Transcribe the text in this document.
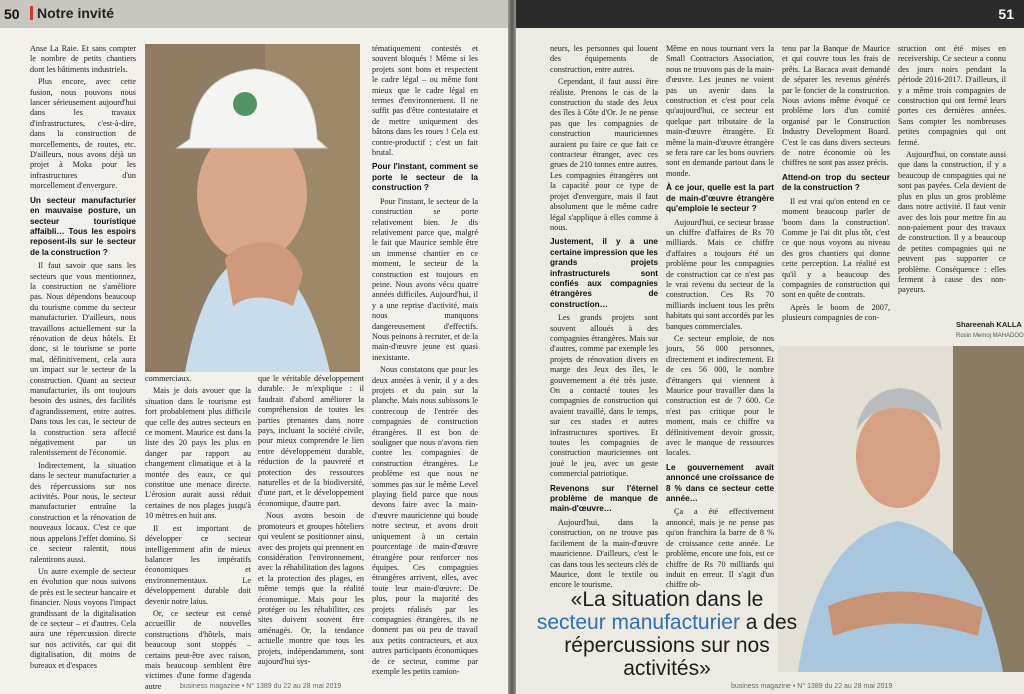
50	Notre invité

Anse La Raie. Et sans compter le nombre de petits chantiers dont les bâtiments industriels.

Plus encore, avec cette fusion, nous pouvons nous lancer sérieusement aujourd'hui dans les travaux d'infrastructures, c'est-à-dire, dans la construction de morcellements, de routes, etc. D'ailleurs, nous avons déjà un projet à Moka pour les infrastructures d'un morcellement d'envergure.

Un secteur manufacturier en mauvaise posture, un secteur touristique affaibli… Tous les espoirs reposent-ils sur le secteur de la construction ?

Il faut savoir que sans les secteurs que vous mentionnez, la construction ne s'améliore pas. Nous dépendons beaucoup du tourisme comme du secteur manufacturier. D'ailleurs, nous travaillons actuellement sur la rénovation de deux hôtels. Et donc, si le tourisme se porte mal, définitivement, cela aura un impact sur le secteur de la construction. Quant au secteur manufacturier, ils ont toujours besoin des usines, des facilités d'agrandissement, entre autres. Dans tous les cas, le secteur de la construction sera affecté négativement par un ralentissement de l'économie.

Indirectement, la situation dans le secteur manufacturier a des répercussions sur nos activités. Pour nous, le secteur manufacturier entraîne la construction et la rénovation de nouveaux locaux. C'est ce que nous appelons l'effet domino. Si ce secteur ralentit, nous ralentirons aussi.

Un autre exemple de secteur en évolution que nous suivons de près est le secteur bancaire et financier. Nous voyons l'impact grandissant de la digitalisation de ce secteur – et d'autres. Cela aura une répercussion directe sur nos activités, car qui dit digitalisation, dit moins de bureaux et d'espaces

commerciaux.

Mais je dois avouer que la situation dans le tourisme est fort probablement plus difficile que celle des autres secteurs en ce moment. Maurice est dans la liste des 20 pays les plus en danger par rapport au changement climatique et à la montée des eaux, ce qui constitue une menace directe. L'érosion aurait aussi réduit certaines de nos plages jusqu'à 10 mètres en huit ans.

Il est important de développer ce secteur intelligemment afin de mieux balancer les impératifs économiques et environnementaux. Le développement durable doit devenir notre laius.

Or, ce secteur est censé accueillir de nouvelles constructions d'hôtels, mais beaucoup sont stoppés – certains peut-être avec raison, mais beaucoup semblent être victimes d'une forme d'agenda autre

que le véritable développement durable. Je m'explique : il faudrait d'abord améliorer la compréhension de toutes les parties prenantes dans notre pays, incluant la société civile, pour mieux comprendre le lien entre développement durable, réduction de la pauvreté et protection des ressources naturelles et de la biodiversité, d'une part, et le développement économique, d'autre part.

Nous avons besoin de promoteurs et groupes hôteliers qui veulent se positionner ainsi, avec des projets qui prennent en considération l'environnement, avec la réhabilitation des lagons et la protection des plages, en même temps que la réalité économique. Mais pour les protéger ou les réhabiliter, ces sites doivent souvent être aménagés. Or, la tendance actuelle montre que tous les projets, indépendamment, sont aujourd'hui sys-

tématiquement contestés et souvent bloqués ! Même si les projets sont bons et respectent le cadre légal – ou même font mieux que le cadre légal en termes d'environnement. Il ne suffit pas d'être contestataire et de mettre uniquement des bâtons dans les roues ! Cela est contre-productif ; c'est un fait brutal.

Pour l'instant, comment se porte le secteur de la construction ?

Pour l'instant, le secteur de la construction se porte relativement bien. Je dis relativement parce que, malgré le fait que Maurice semble être un immense chantier en ce moment, le secteur de la construction est toujours en peine. Nous avons vécu quatre années difficiles. Aujourd'hui, il y a une reprise d'activité, mais nous manquons dangereusement d'effectifs. Nous peinons à recruter, et de la main-d'œuvre jeune est quasi inexistante.

Nous constatons que pour les deux années à venir, il y a des projets et du pain sur la planche. Mais nous subissons le contrecoup de l'entrée des compagnies de construction étrangères. Il est bon de souligner que nous n'avons rien contre les compagnies de construction étrangères. Le problème est que nous ne sommes pas sur le même Level playing field parce que nous devons faire avec la main-d'œuvre mauricienne qui boude notre secteur, et avons droit uniquement à un certain pourcentage de main-d'œuvre étrangère pour renforcer nos équipes. Ces compagnies étrangères arrivent, elles, avec toute leur main-d'œuvre. De plus, pour la majorité des projets réalisés par les compagnies étrangères, ils ne donnent pas ou peu de travail aux petits contracteurs, et aux autres participants économiques de ce secteur, comme par exemple les petits camion-

business magazine • N° 1389 du 22 au 28 mai 2019
51

neurs, les personnes qui louent des équipements de construction, entre autres.

Cependant, il faut aussi être réaliste. Prenons le cas de la construction du stade des Jeux des îles à Côte d'Or. Je ne pense pas que les compagnies de construction mauriciennes auraient pu faire ce que fait ce contracteur étranger, avec ces grues de 210 tonnes entre autres. Les compagnies étrangères ont la capacité pour ce type de projet d'envergure, mais il faut absolument que le même cadre légal s'applique à elles comme à nous.

Justement, il y a une certaine impression que les grands projets infrastructurels sont confiés aux compagnies étrangères de construction…

Les grands projets sont souvent alloués à des compagnies étrangères. Mais sur d'autres, comme par exemple les projets de rénovation divers en marge des Jeux des îles, le gouvernement a été très juste. On a contacté toutes les compagnies de construction qui avaient travaillé, dans le temps, sur ces stades et autres infrastructures sportives. Et toutes les compagnies de construction mauriciennes ont joué le jeu, avec un geste commercial patriotique.

Revenons sur l'éternel problème de manque de main-d'œuvre…

Aujourd'hui, dans la construction, on ne trouve pas facilement de la main-d'œuvre mauricienne. D'ailleurs, c'est le cas dans tous les secteurs clés de Maurice, dont le textile ou encore le tourisme.

Même en nous tournant vers la Small Contractors Association, nous ne trouvons pas de la main-d'œuvre. Les jeunes ne voient pas un avenir dans la construction et c'est pour cela qu'aujourd'hui, ce secteur est quelque part tributaire de la main-d'œuvre étrangère. Et même la main-d'œuvre étrangère se fera rare car les bons ouvriers sont en demande partout dans le monde.

À ce jour, quelle est la part de main-d'œuvre étrangère qu'emploie le secteur ?

Aujourd'hui, ce secteur brasse un chiffre d'affaires de Rs 70 milliards. Mais ce chiffre d'affaires a toujours été un problème pour les compagnies de construction car ce n'est pas le vrai revenu du secteur de la construction. Ces Rs 70 milliards incluent tous les prêts habitats qui sont accordés par les banques commerciales.

Ce secteur emploie, de nos jours, 56 000 personnes, directement et indirectement. Et de ces 56 000, le nombre d'étrangers qui viennent à Maurice pour travailler dans la construction est de 7 600. Ce n'est pas critique pour le moment, mais ce chiffre va définitivement devoir grossir, avec le manque de ressources locales.

Le gouvernement avait annoncé une croissance de 8 % dans ce secteur cette année…

Ça a été effectivement annoncé, mais je ne pense pas qu'on franchira la barre de 8 % de croissance cette année. Le problème, encore une fois, est ce chiffre de Rs 70 milliards qui induit en erreur. Il s'agit d'un chiffre ob-

tenu par la Banque de Maurice et qui couvre tous les frais de prêts. La Bacaca avait demandé de séparer les revenus générés par le foncier de la construction. Nous avions même évoqué ce problème lors d'un comité organisé par le Construction Industry Development Board. C'est le cas dans divers secteurs de notre économie où les chiffres ne sont pas assez précis.

Attend-on trop du secteur de la construction ?

Il est vrai qu'on entend en ce moment beaucoup parler de 'boom dans la construction'. Comme je l'ai dit plus tôt, c'est ce que nous voyons au niveau des gros chantiers qui donne cette perception. La réalité est qu'il y a beaucoup des compagnies de construction qui sont en quête de contrats.

Après le boom de 2007, plusieurs compagnies de con-

struction ont été mises en receivership. Ce secteur a connu des jours noirs pendant la période 2016-2017. D'ailleurs, il y a même trois compagnies de construction qui ont fermé leurs portes ces dernières années. Sans compter les nombreuses petites compagnies qui ont fermé.

Aujourd'hui, on constate aussi que dans la construction, il y a beaucoup de compagnies qui ne sont pas payées. Cela devient de plus en plus un gros problème dans notre activité. Il faut venir avec des lois pour mettre fin au non-paiement pour des travaux de construction. Il y a beaucoup de petites compagnies qui ne peuvent pas supporter ce problème. Conséquence : elles ferment à cause des non-payeurs.

Shareenah KALLA
Rosin Memoj MAHADOO
«La situation dans le
secteur manufacturier a des répercussions sur nos activités»
business magazine • N° 1389 du 22 au 28 mai 2019
